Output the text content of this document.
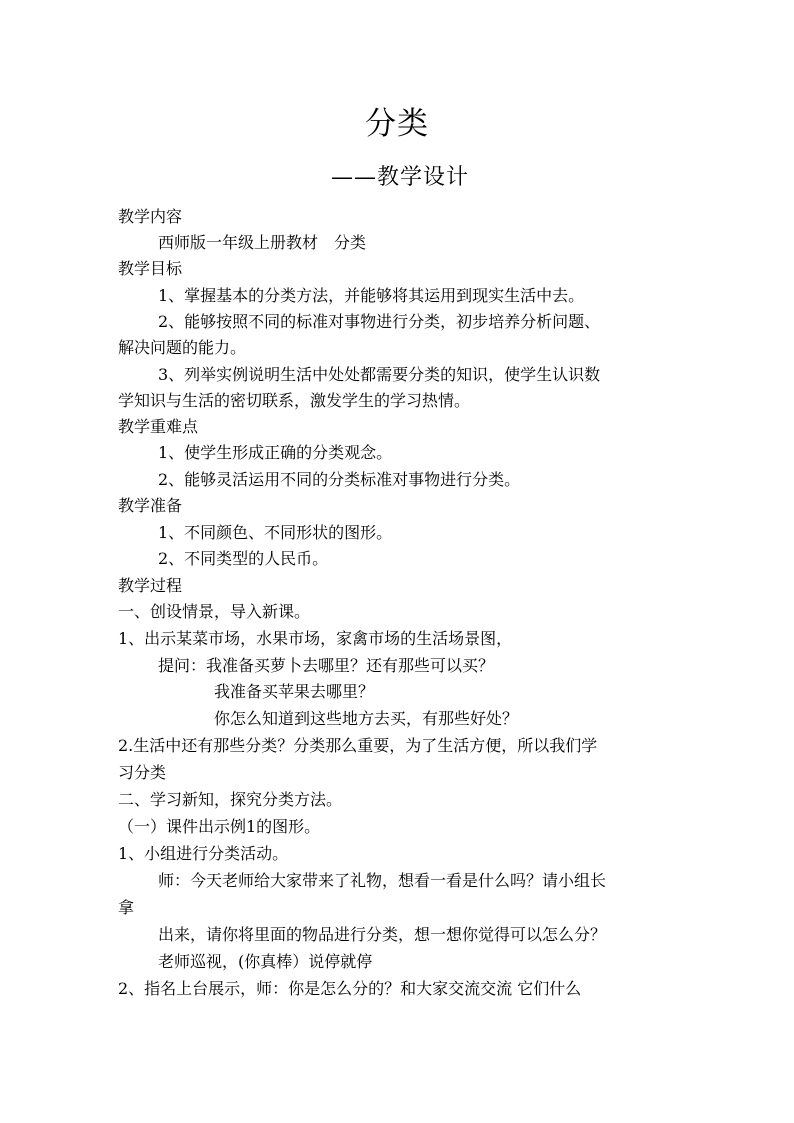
分类
——教学设计
教学内容
西师版一年级上册教材　分类
教学目标
1、掌握基本的分类方法，并能够将其运用到现实生活中去。
2、能够按照不同的标准对事物进行分类，初步培养分析问题、
解决问题的能力。
3、列举实例说明生活中处处都需要分类的知识，使学生认识数
学知识与生活的密切联系，激发学生的学习热情。
教学重难点
1、使学生形成正确的分类观念。
2、能够灵活运用不同的分类标准对事物进行分类。
教学准备
1、不同颜色、不同形状的图形。
2、不同类型的人民币。
教学过程
一、创设情景，导入新课。
1、出示某菜市场，水果市场，家禽市场的生活场景图，
提问：我准备买萝卜去哪里？还有那些可以买？
我准备买苹果去哪里？
你怎么知道到这些地方去买，有那些好处？
2.生活中还有那些分类？分类那么重要，为了生活方便，所以我们学
习分类
二、学习新知，探究分类方法。
（一）课件出示例1的图形。
1、小组进行分类活动。
师：今天老师给大家带来了礼物，想看一看是什么吗？请小组长
拿
出来，请你将里面的物品进行分类，想一想你觉得可以怎么分？
老师巡视，(你真棒）说停就停
2、指名上台展示，师：你是怎么分的？和大家交流交流 它们什么
